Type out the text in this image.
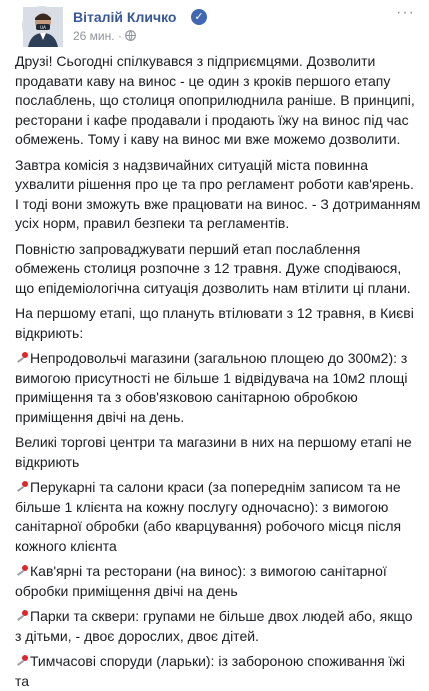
UA
Віталій Кличко	✓
26 мин. ·
···

Друзі! Сьогодні спілкувався з підприємцями. Дозволити продавати каву на винос - це один з кроків першого етапу послаблень, що столиця опоприлюднила раніше. В принципі, ресторани і кафе продавали і продають їжу на винос під час обмежень. Тому і каву на винос ми вже можемо дозволити.

Завтра комісія з надзвичайних ситуацій міста повинна ухвалити рішення про це та про регламент роботи кав'ярень. І тоді вони зможуть вже працювати на винос. - З дотриманням усіх норм, правил безпеки та регламентів.

Повністю запроваджувати перший етап послаблення обмежень столиця розпочне з 12 травня. Дуже сподіваюся, що епідеміологічна ситуація дозволить нам втілити ці плани.

На першому етапі, що плануть втілювати з 12 травня, в Києві відкриють:

Непродовольчі магазини (загальною площею до 300м2): з вимогою присутності не більше 1 відвідувача на 10м2 площі приміщення та з обов'язковою санітарною обробкою приміщення двічі на день.

Великі торгові центри та магазини в них на першому етапі не відкриють

Перукарні та салони краси (за попереднім записом та не більше 1 клієнта на кожну послугу одночасно): з вимогою санітарної обробки (або кварцування) робочого місця після кожного клієнта

Кав'ярні та ресторани (на винос): з вимогою санітарної обробки приміщення двічі на день

Парки та сквери: групами не більше двох людей або, якщо з дітьми, - двоє дорослих, двоє дітей.

Тимчасові споруди (ларьки): із забороною споживання їжі та
